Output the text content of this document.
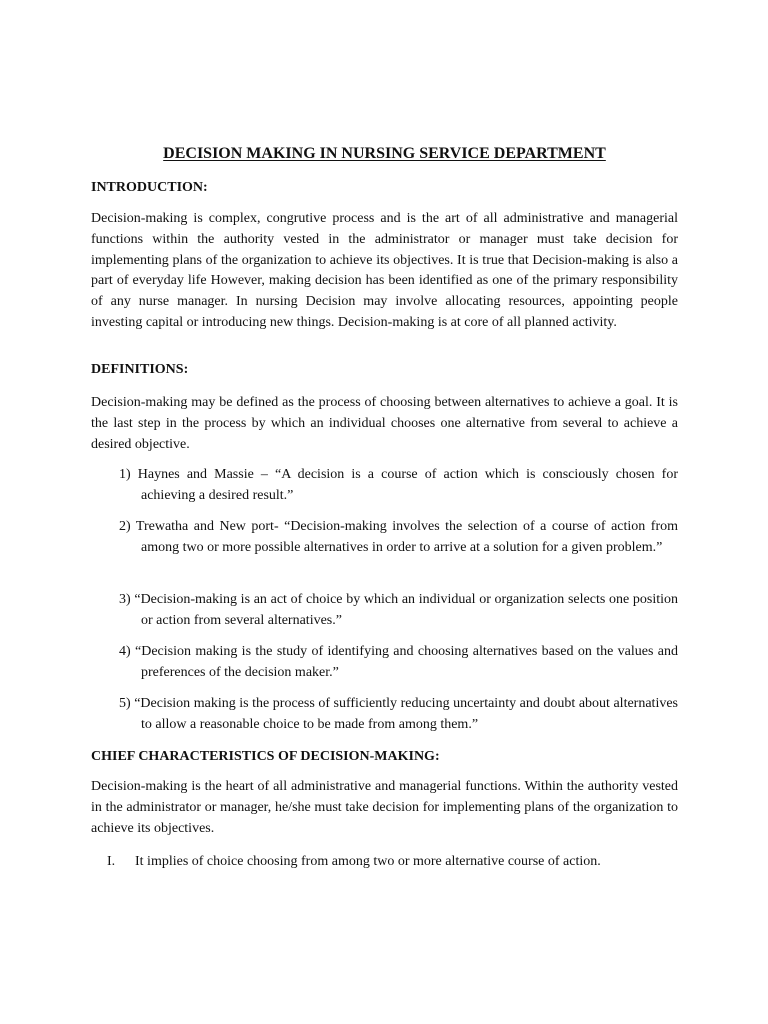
DECISION MAKING IN NURSING SERVICE DEPARTMENT
INTRODUCTION:
Decision-making is complex, congrutive process and is the art of all administrative and managerial functions within the authority vested in the administrator or manager must take decision for implementing plans of the organization to achieve its objectives. It is true that Decision-making is also a part of everyday life However, making decision has been identified as one of the primary responsibility of any nurse manager. In nursing Decision may involve allocating resources, appointing people investing capital or introducing new things. Decision-making is at core of all planned activity.
DEFINITIONS:
Decision-making may be defined as the process of choosing between alternatives to achieve a goal. It is the last step in the process by which an individual chooses one alternative from several to achieve a desired objective.
1) Haynes and Massie – “A decision is a course of action which is consciously chosen for achieving a desired result.”
2) Trewatha and New port- “Decision-making involves the selection of a course of action from among two or more possible alternatives in order to arrive at a solution for a given problem.”
3) “Decision-making is an act of choice by which an individual or organization selects one position or action from several alternatives.”
4) “Decision making is the study of identifying and choosing alternatives based on the values and preferences of the decision maker.”
5) “Decision making is the process of sufficiently reducing uncertainty and doubt about alternatives to allow a reasonable choice to be made from among them.”
CHIEF CHARACTERISTICS OF DECISION-MAKING:
Decision-making is the heart of all administrative and managerial functions. Within the authority vested in the administrator or manager, he/she must take decision for implementing plans of the organization to achieve its objectives.
I. It implies of choice choosing from among two or more alternative course of action.
